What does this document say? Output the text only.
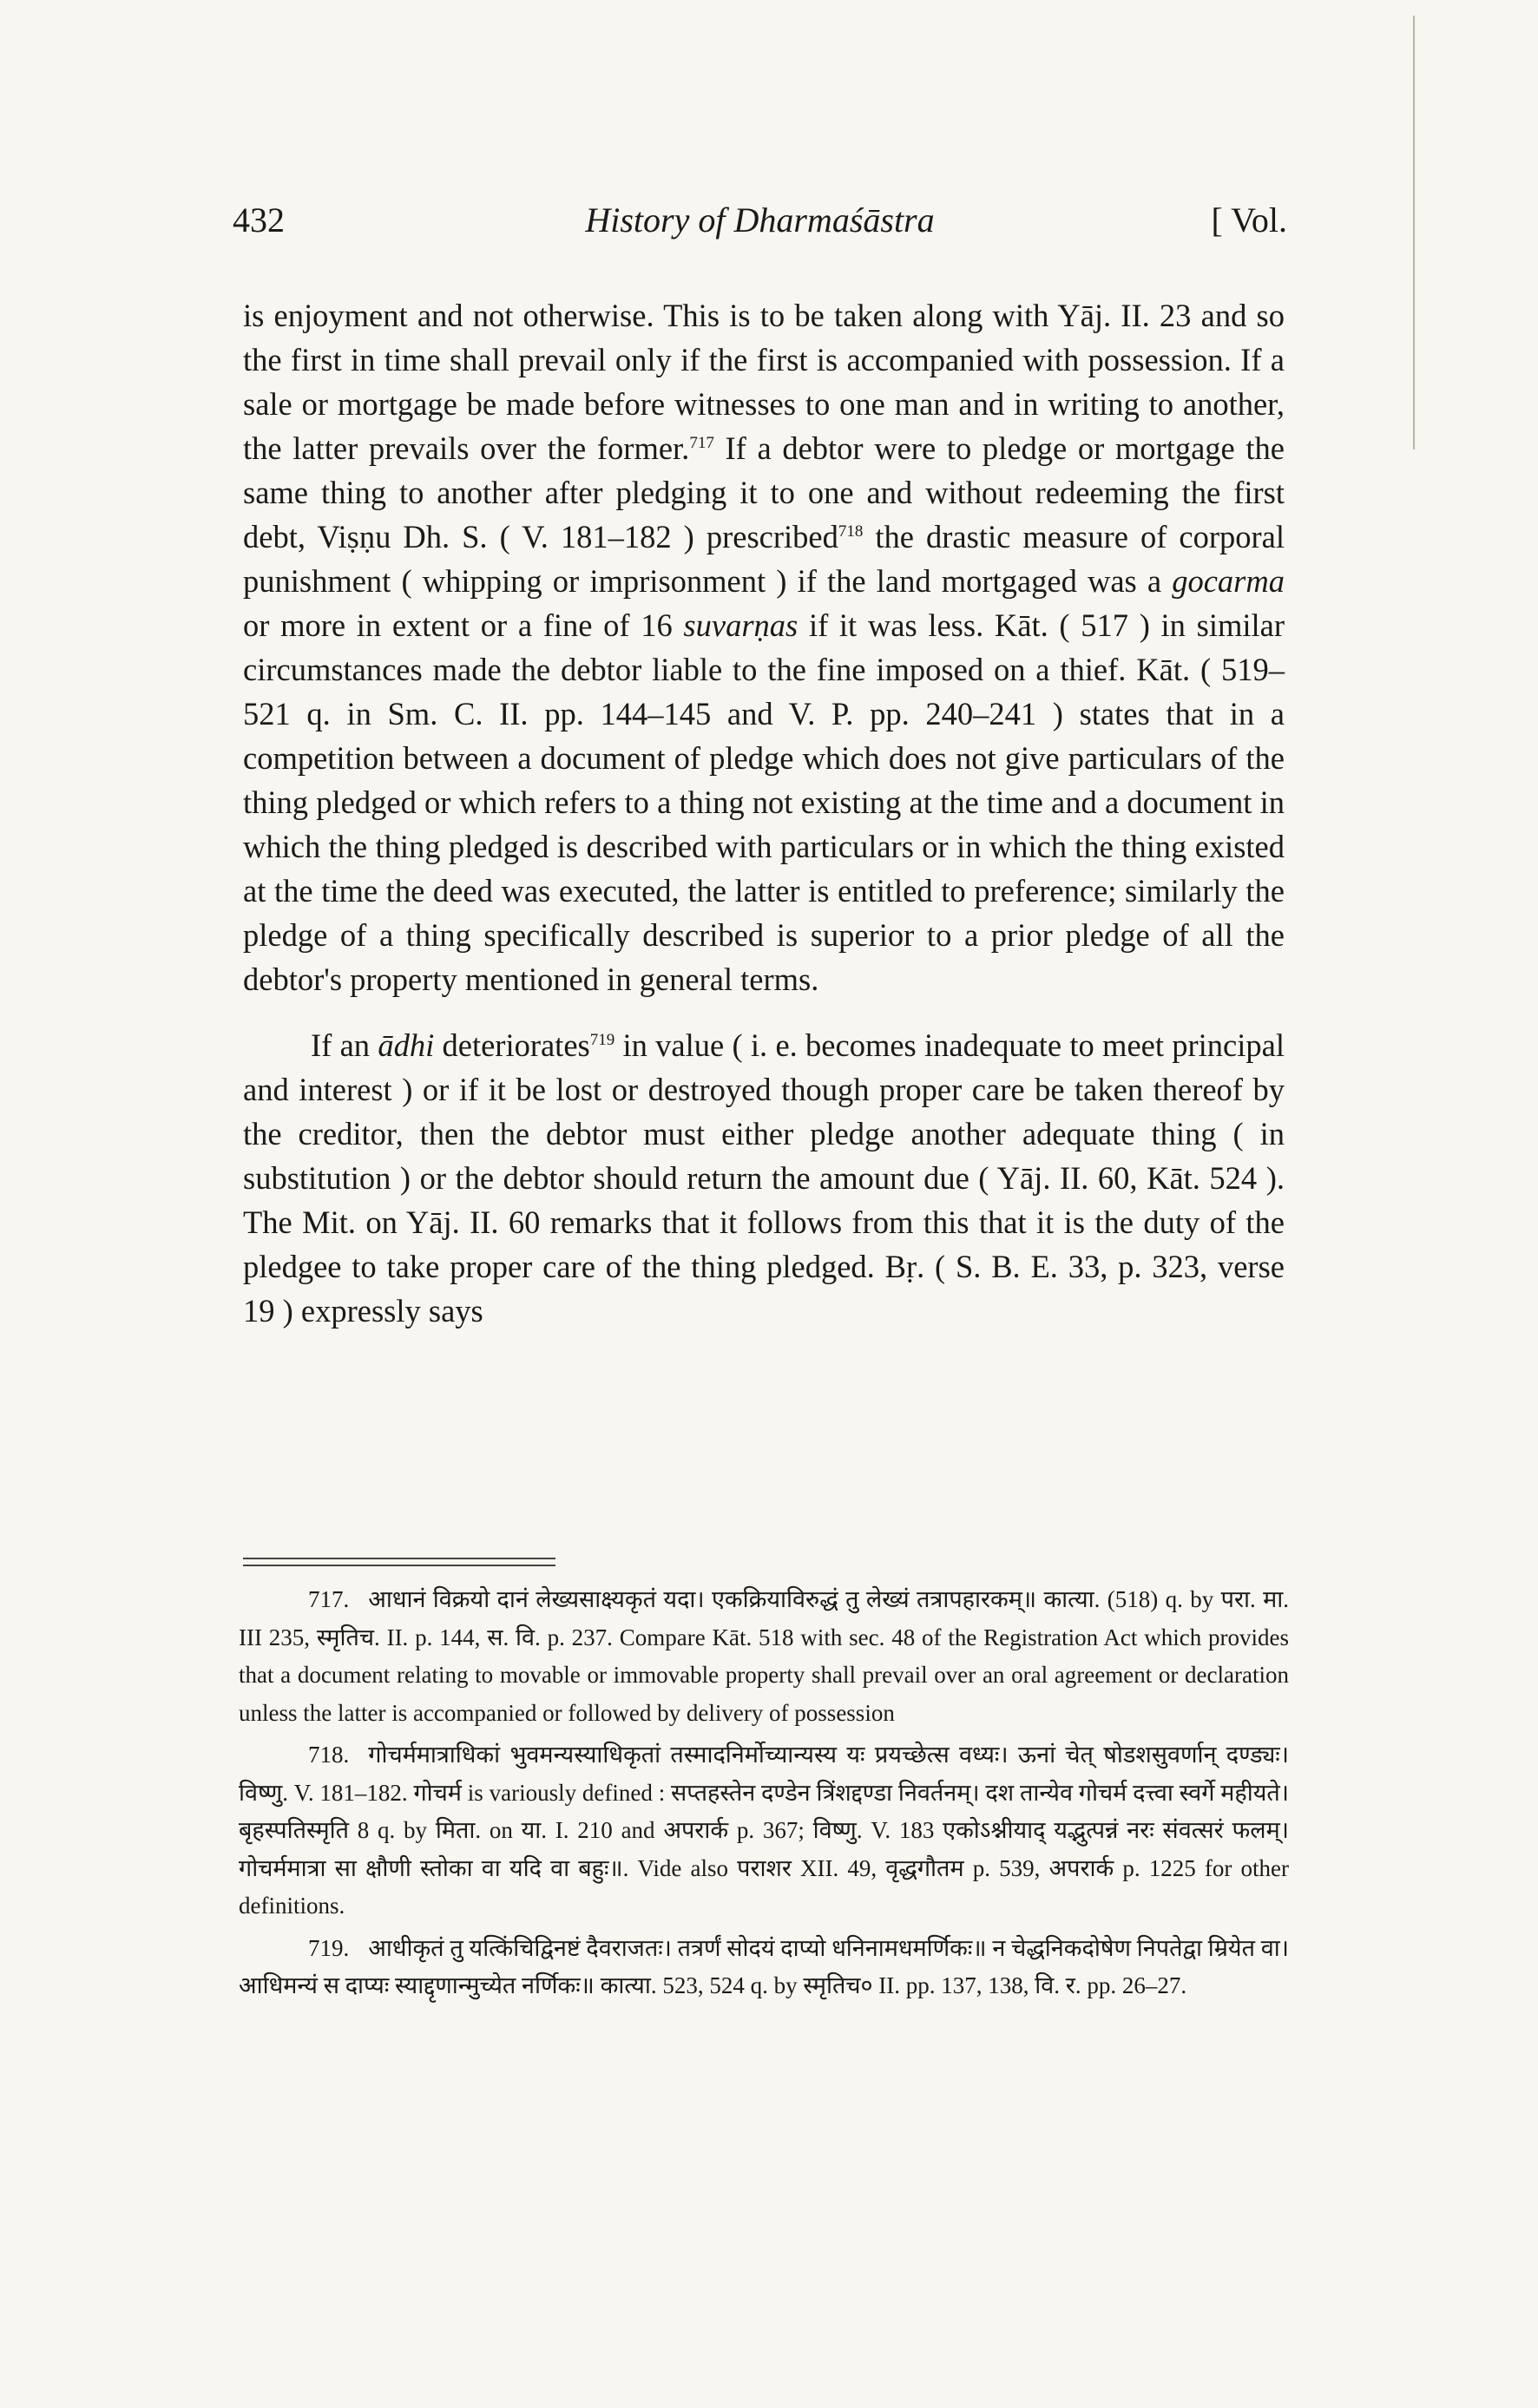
432	History of Dharmaśāstra	[ Vol.

is enjoyment and not otherwise. This is to be taken along with Yāj. II. 23 and so the first in time shall prevail only if the first is accompanied with possession. If a sale or mortgage be made before witnesses to one man and in writing to another, the latter prevails over the former.$^{717}$ If a debtor were to pledge or mortgage the same thing to another after pledging it to one and without redeeming the first debt, Viṣṇu Dh. S. ( V. 181–182 ) prescribed$^{718}$ the drastic measure of corporal punishment ( whipping or imprisonment ) if the land mortgaged was a gocarma or more in extent or a fine of 16 suvarṇas if it was less. Kāt. ( 517 ) in similar circumstances made the debtor liable to the fine imposed on a thief. Kāt. ( 519–521 q. in Sm. C. II. pp. 144–145 and V. P. pp. 240–241 ) states that in a competition between a document of pledge which does not give particulars of the thing pledged or which refers to a thing not existing at the time and a document in which the thing pledged is described with particulars or in which the thing existed at the time the deed was executed, the latter is entitled to preference; similarly the pledge of a thing specifically described is superior to a prior pledge of all the debtor's property mentioned in general terms.

If an ādhi deteriorates$^{719}$ in value ( i. e. becomes inadequate to meet principal and interest ) or if it be lost or destroyed though proper care be taken thereof by the creditor, then the debtor must either pledge another adequate thing ( in substitution ) or the debtor should return the amount due ( Yāj. II. 60, Kāt. 524 ). The Mit. on Yāj. II. 60 remarks that it follows from this that it is the duty of the pledgee to take proper care of the thing pledged. Bṛ. ( S. B. E. 33, p. 323, verse 19 ) expressly says

717. आधानं विक्रयो दानं लेख्यसाक्ष्यकृतं यदा। एकक्रियाविरुद्धं तु लेख्यं तत्रापहारकम्॥ कात्या. (518) q. by परा. मा. III 235, स्मृतिच. II. p. 144, स. वि. p. 237. Compare Kāt. 518 with sec. 48 of the Registration Act which provides that a document relating to movable or immovable property shall prevail over an oral agreement or declaration unless the latter is accompanied or followed by delivery of possession

718. गोचर्ममात्राधिकां भुवमन्यस्याधिकृतां तस्मादनिर्मोच्यान्यस्य यः प्रयच्छेत्स वध्यः। ऊनां चेत् षोडशसुवर्णान् दण्ड्यः। विष्णु. V. 181–182. गोचर्म is variously defined : सप्तहस्तेन दण्डेन त्रिंशद्दण्डा निवर्तनम्। दश तान्येव गोचर्म दत्त्वा स्वर्गे महीयते। बृहस्पतिस्मृति 8 q. by मिता. on या. I. 210 and अपरार्क p. 367; विष्णु. V. 183 एकोऽश्नीयाद् यद्भुत्पन्नं नरः संवत्सरं फलम्। गोचर्ममात्रा सा क्षौणी स्तोका वा यदि वा बहुः॥. Vide also पराशर XII. 49, वृद्धगौतम p. 539, अपरार्क p. 1225 for other definitions.

719. आधीकृतं तु यत्किंचिद्विनष्टं दैवराजतः। तत्रर्णं सोदयं दाप्यो धनिनामधमर्णिकः॥ न चेद्धनिकदोषेण निपतेद्वा म्रियेत वा। आधिमन्यं स दाप्यः स्याद्दृणान्मुच्येत नर्णिकः॥ कात्या. 523, 524 q. by स्मृतिच० II. pp. 137, 138, वि. र. pp. 26–27.
